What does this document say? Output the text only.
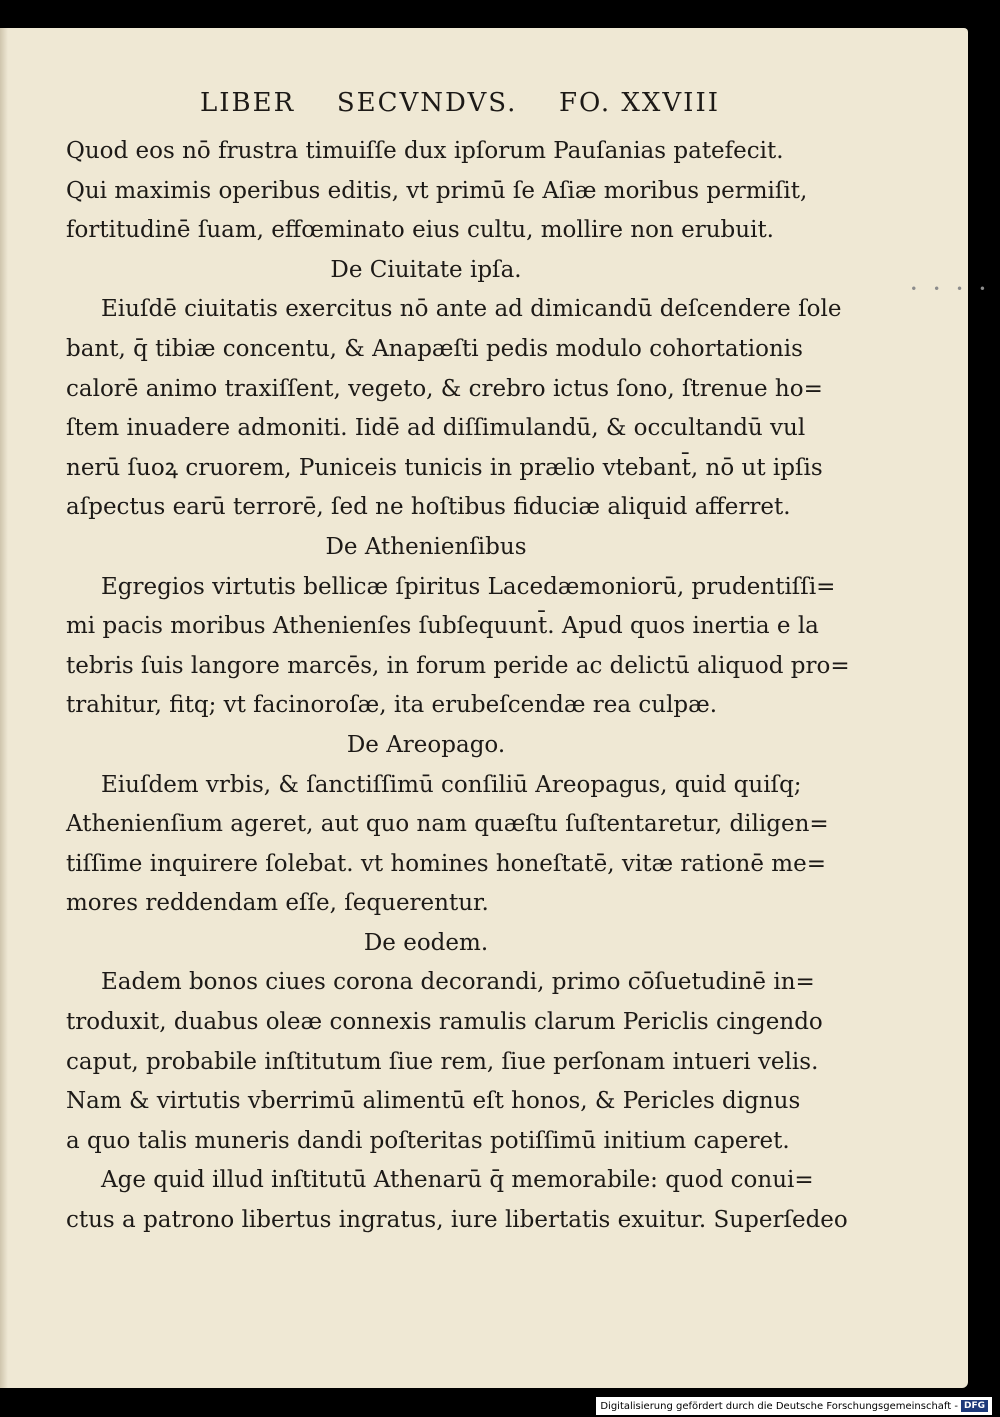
LIBER SECVNDVS. FO. XXVIII
Quod eos nō frustra timuiſſe dux ipſorum Pauſanias patefecit.
Qui maximis operibus editis, vt primū ſe Aſiæ moribus permiſit,
fortitudinē ſuam, effœminato eius cultu, mollire non erubuit.
De Ciuitate ipſa.
Eiuſdē ciuitatis exercitus nō ante ad dimicandū deſcendere ſole
bant, q̄ tibiæ concentu, & Anapæſti pedis modulo cohortationis
calorē animo traxiſſent, vegeto, & crebro ictus ſono, ſtrenue ho=
ſtem inuadere admoniti. Iidē ad diſſimulandū, & occultandū vul
nerū ſuoꝝ cruorem, Puniceis tunicis in prælio vtebant̄, nō ut ipſis
aſpectus earū terrorē, ſed ne hoſtibus fiduciæ aliquid afferret.
De Athenienſibus
Egregios virtutis bellicæ ſpiritus Lacedæmoniorū, prudentiſſi=
mi pacis moribus Athenienſes ſubſequunt̄. Apud quos inertia e la
tebris ſuis langore marcēs, in forum peride ac delictū aliquod pro=
trahitur, fitq; vt facinoroſæ, ita erubeſcendæ rea culpæ.
De Areopago.
Eiuſdem vrbis, & ſanctiſſimū conſiliū Areopagus, quid quiſq;
Athenienſium ageret, aut quo nam quæſtu ſuſtentaretur, diligen=
tiſſime inquirere ſolebat. vt homines honeſtatē, vitæ rationē me=
mores reddendam eſſe, ſequerentur.
De eodem.
Eadem bonos ciues corona decorandi, primo cōſuetudinē in=
troduxit, duabus oleæ connexis ramulis clarum Periclis cingendo
caput, probabile inſtitutum ſiue rem, ſiue perſonam intueri velis.
Nam & virtutis vberrimū alimentū eſt honos, & Pericles dignus
a quo talis muneris dandi poſteritas potiſſimū initium caperet.
Age quid illud inſtitutū Athenarū q̄ memorabile: quod conui=
ctus a patrono libertus ingratus, iure libertatis exuitur. Superſedeo
• • • •
Digitalisierung gefördert durch die Deutsche Forschungsgemeinschaft - DFG
